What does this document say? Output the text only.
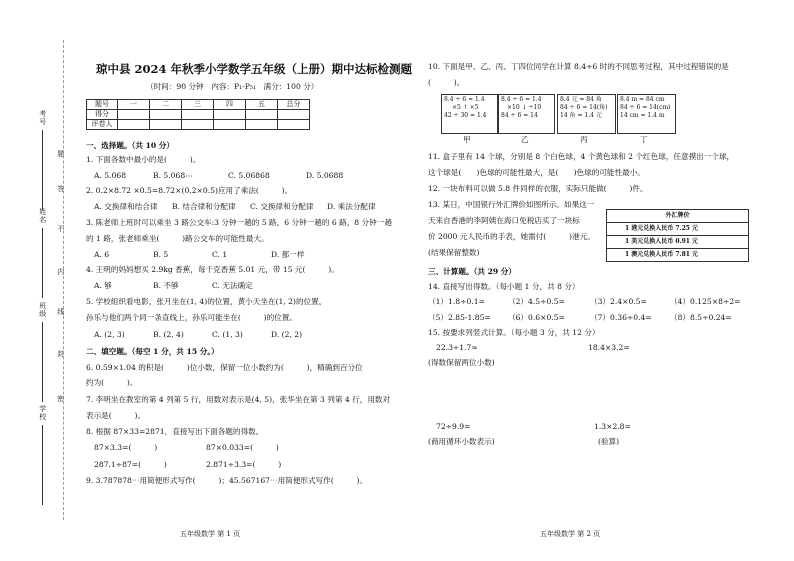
考号
姓名
班级
学校
题
答
不
内
线
封
密
琼中县 2024 年秋季小学数学五年级（上册）期中达标检测题
（时间：90 分钟　内容：P₁-P₅₁　满分：100 分）
题号	一	二	三	四	五	总分
得分						
评卷人						
一、选择题。（共 10 分）
1. 下面各数中最小的是(　　　)。
A. 5.068	B. 5.068⋯	C. 5.06868	D. 5.0688
2. 0.2×8.72 ×0.5=8.72×(0.2×0.5)应用了乘法(　　　)。
A. 交换律和结合律 B. 结合律和分配律 C. 交换律和分配律 D. 乘法分配律
3. 陈老师上班时可以乘坐 3 路公交车:3 分钟一趟的 5 路，6 分钟一趟的 6 路，8 分钟一趟
的 1 路，张老师乘坐(　　　)路公交车的可能性最大。
A. 6	B. 5	C. 1	D. 都一样
4. 王明的妈妈想买 2.9kg 香蕉，每千克香蕉 5.01 元，带 15 元(　　　)。
A. 够	B. 不够	C. 无法确定
5. 学校组织看电影，张月坐在(1, 4)的位置，黄小天坐在(1, 2)的位置，
孙乐与他们两个同一条直线上，孙乐可能坐在(　　　)的位置。
A. (2, 3)	B. (2, 4)	C. (1, 3)	D. (2, 2)
二、填空题。（每空 1 分，共 15 分。）
6. 0.59×1.04 的积是(　　　)位小数，保留一位小数约为(　　　)，精确到百分位
约为(　　　)。
7. 李明坐在教室的第 4 列第 5 行，用数对表示是(4, 5)，张华坐在第 3 列第 4 行，用数对
表示是(　　　)。
8. 根据 87×33=2871，直接写出下面各题的得数。
87×3.3=(　　　)	87×0.033=(　　　)
287.1÷87=(　　　)	2.871÷3.3=(　　　)
9. 3.787878⋯用简便形式写作(　　　)；45.567167⋯用简便形式写作(　　　)。
五年级数学 第 1 页
10. 下面是甲、乙、丙、丁四位同学在计算 8.4÷6 时的不同思考过程，其中过程错误的是
(　　　)。
8.4 ÷ 6 = 1.4
×5 ↑ ×5
42 ÷ 30 = 1.4
8.4 ÷ 6 = 1.4
×10 ↓ ÷10
84 ÷ 6 = 14
8.4 元 = 84 角
84 ÷ 6 = 14(角)
14 角 = 1.4 元
8.4 m = 84 cm
84 ÷ 6 = 14(cm)
14 cm = 1.4 m
甲	乙	丙	丁
11. 盒子里有 14 个球，分别是 8 个白色球，4 个黄色球和 2 个红色球，任意摸出一个球，
这个球是(　　)色球的可能性最大，是(　　)色球的可能性最小。
12. 一块布料可以做 5.8 件同样的衣服，实际只能做(　　　)件。
13. 某日，中国银行外汇牌价如图所示。如果这一
天来自香港的李阿姨在海口免税店买了一块标
价 2000 元人民币的手表，她需付(　　　)港元。
(结果保留整数)
外汇牌价
1 港元兑换人民币 7.25 元
1 美元兑换人民币 0.91 元
1 澳元兑换人民币 7.81 元
三、计算题。（共 29 分）
14. 直接写出得数。（每小题 1 分，共 8 分）
（1）1.8÷0.1=	（2）4.5÷0.5=	（3）2.4×0.5=	（4）0.125×8÷2=
（5）2.85-1.85= （6）0.6×0.5=	（7）0.36÷0.4= （8）8.5÷0.24=
15. 按要求列竖式计算。（每小题 3 分，共 12 分）
22.3÷1.7≈
(得数保留两位小数)
18.4×3.2=
72÷9.9=
(商用循环小数表示)
1.3×2.8=
(验算)
五年级数学 第 2 页
